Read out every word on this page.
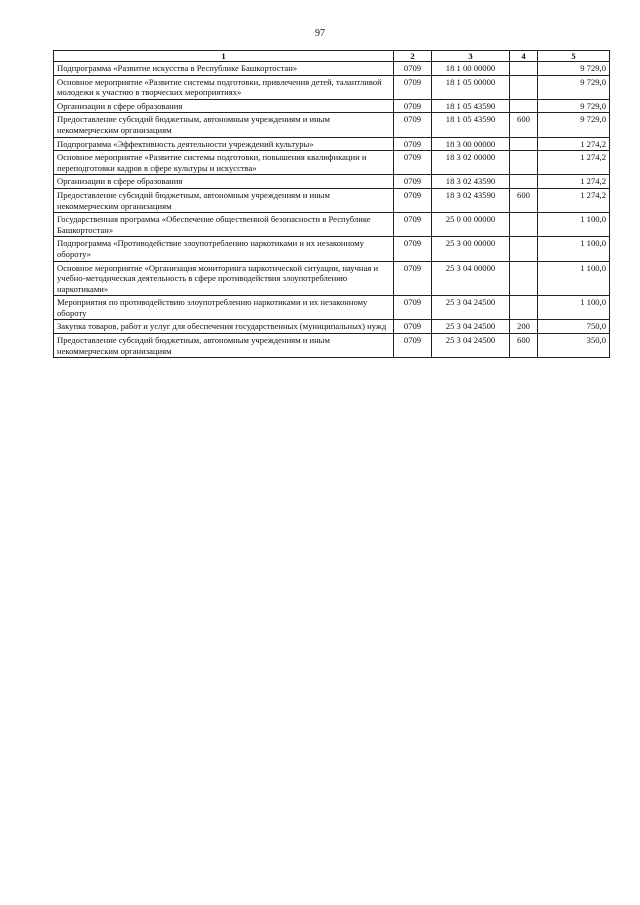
97
1	2	3	4	5
Подпрограмма «Развитие искусства в Республике Башкортостан»	0709	18 1 00 00000		9 729,0
Основное мероприятие «Развитие системы подготовки, привлечения детей, талантливой молодежи к участию в творческих мероприятиях»	0709	18 1 05 00000		9 729,0
Организации в сфере образования	0709	18 1 05 43590		9 729,0
Предоставление субсидий бюджетным, автономным учреждениям и иным некоммерческим организациям	0709	18 1 05 43590	600	9 729,0
Подпрограмма «Эффективность деятельности учреждений культуры»	0709	18 3 00 00000		1 274,2
Основное мероприятие «Развитие системы подготовки, повышения квалификации и переподготовки кадров в сфере культуры и искусства»	0709	18 3 02 00000		1 274,2
Организации в сфере образования	0709	18 3 02 43590		1 274,2
Предоставление субсидий бюджетным, автономным учреждениям и иным некоммерческим организациям	0709	18 3 02 43590	600	1 274,2
Государственная программа «Обеспечение общественной безопасности в Республике Башкортостан»	0709	25 0 00 00000		1 100,0
Подпрограмма «Противодействие злоупотреблению наркотиками и их незаконному обороту»	0709	25 3 00 00000		1 100,0
Основное мероприятие «Организация мониторинга наркотической ситуации, научная и учебно-методическая деятельность в сфере противодействия злоупотреблению наркотиками»	0709	25 3 04 00000		1 100,0
Мероприятия по противодействию злоупотреблению наркотиками и их незаконному обороту	0709	25 3 04 24500		1 100,0
Закупка товаров, работ и услуг для обеспечения государственных (муниципальных) нужд	0709	25 3 04 24500	200	750,0
Предоставление субсидий бюджетным, автономным учреждениям и иным некоммерческим организациям	0709	25 3 04 24500	600	350,0
